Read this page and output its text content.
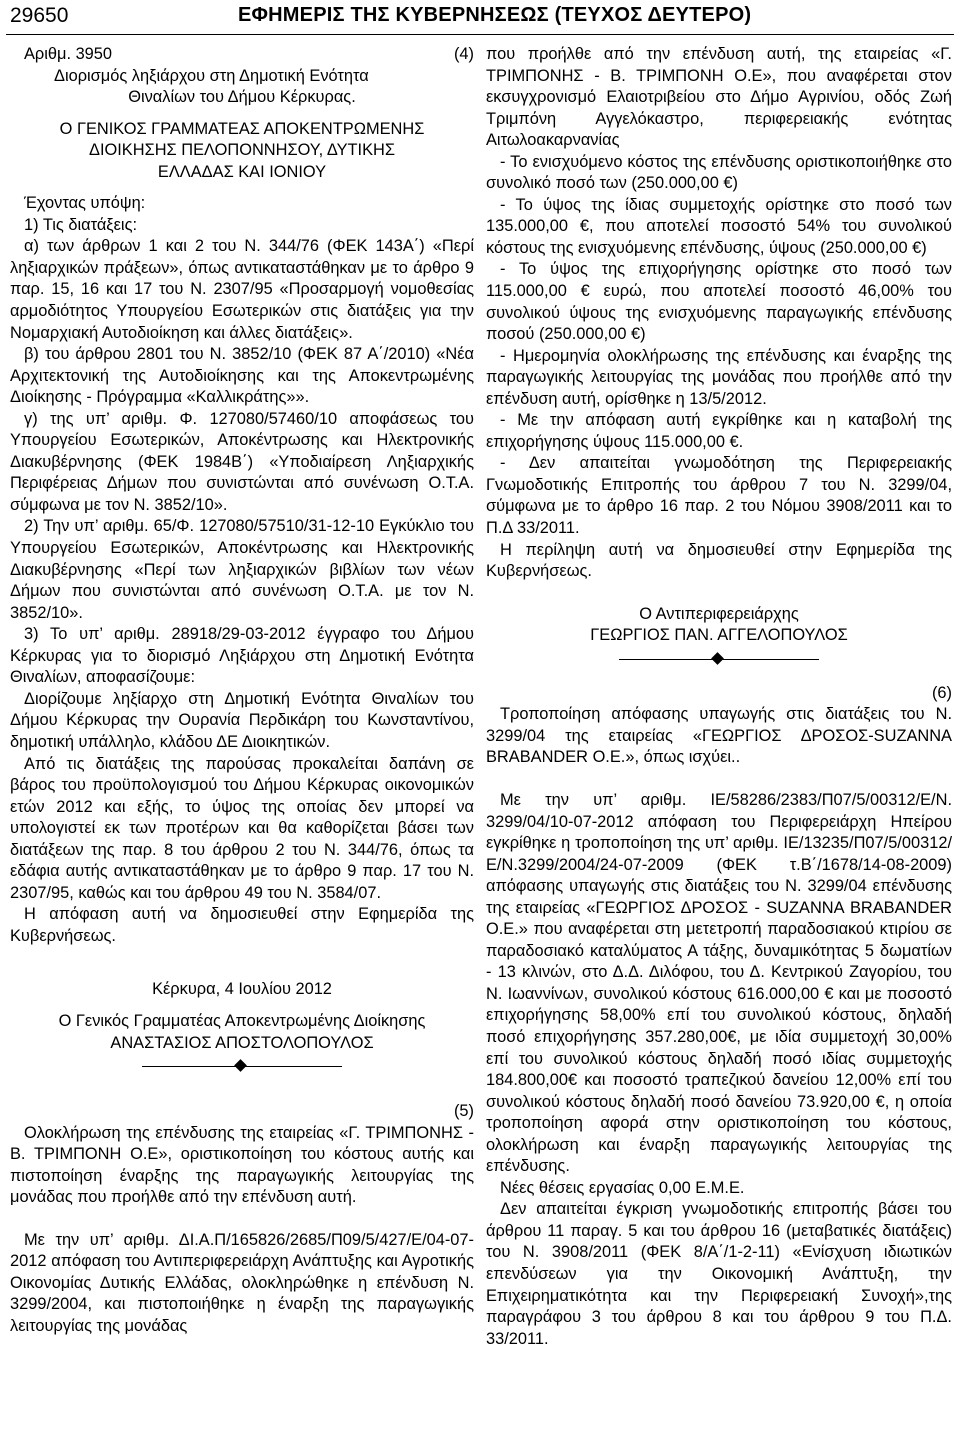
29650	ΕΦΗΜΕΡΙΣ ΤΗΣ ΚΥΒΕΡΝΗΣΕΩΣ (ΤΕΥΧΟΣ ΔΕΥΤΕΡΟ)

Αριθμ. 3950	(4)

Διορισμός ληξιάρχου στη Δημοτική Ενότητα

Θιναλίων του Δήμου Κέρκυρας.

Ο ΓΕΝΙΚΟΣ ΓΡΑΜΜΑΤΕΑΣ ΑΠΟΚΕΝΤΡΩΜΕΝΗΣ

ΔΙΟΙΚΗΣΗΣ ΠΕΛΟΠΟΝΝΗΣΟΥ, ΔΥΤΙΚΗΣ

ΕΛΛΑΔΑΣ ΚΑΙ ΙΟΝΙΟΥ

Έχοντας υπόψη:

1) Τις διατάξεις:

α) των άρθρων 1 και 2 του Ν. 344/76 (ΦΕΚ 143Α΄) «Περί ληξιαρχικών πράξεων», όπως αντικαταστάθηκαν με το άρθρο 9 παρ. 15, 16 και 17 του Ν. 2307/95 «Προσαρμογή νομοθεσίας αρμοδιότητος Υπουργείου Εσωτερικών στις διατάξεις για την Νομαρχιακή Αυτοδιοίκηση και άλλες διατάξεις».

β) του άρθρου 2801 του Ν. 3852/10 (ΦΕΚ 87 Α΄/2010) «Νέα Αρχιτεκτονική της Αυτοδιοίκησης και της Αποκεντρωμένης Διοίκησης - Πρόγραμμα «Καλλικράτης»».

γ) της υπ’ αριθμ. Φ. 127080/57460/10 αποφάσεως του Υπουργείου Εσωτερικών, Αποκέντρωσης και Ηλεκτρονικής Διακυβέρνησης (ΦΕΚ 1984Β΄) «Υποδιαίρεση Ληξιαρχικής Περιφέρειας Δήμων που συνιστώνται από συνένωση Ο.Τ.Α. σύμφωνα με τον Ν. 3852/10».

2) Την υπ’ αριθμ. 65/Φ. 127080/57510/31-12-10 Εγκύκλιο του Υπουργείου Εσωτερικών, Αποκέντρωσης και Ηλεκτρονικής Διακυβέρνησης «Περί των ληξιαρχικών βιβλίων των νέων Δήμων που συνιστώνται από συνένωση Ο.Τ.Α. με τον Ν. 3852/10».

3) Το υπ’ αριθμ. 28918/29-03-2012 έγγραφο του Δήμου Κέρκυρας για το διορισμό Ληξιάρχου στη Δημοτική Ενότητα Θιναλίων, αποφασίζουμε:

Διορίζουμε ληξίαρχο στη Δημοτική Ενότητα Θιναλίων του Δήμου Κέρκυρας την Ουρανία Περδικάρη του Κωνσταντίνου, δημοτική υπάλληλο, κλάδου ΔΕ Διοικητικών.

Από τις διατάξεις της παρούσας προκαλείται δαπάνη σε βάρος του προϋπολογισμού του Δήμου Κέρκυρας οικονομικών ετών 2012 και εξής, το ύψος της οποίας δεν μπορεί να υπολογιστεί εκ των προτέρων και θα καθορίζεται βάσει των διατάξεων της παρ. 8 του άρθρου 2 του Ν. 344/76, όπως τα εδάφια αυτής αντικαταστάθηκαν με το άρθρο 9 παρ. 17 του Ν. 2307/95, καθώς και του άρθρου 49 του Ν. 3584/07.

Η απόφαση αυτή να δημοσιευθεί στην Εφημερίδα της Κυβερνήσεως.

Κέρκυρα, 4 Ιουλίου 2012

Ο Γενικός Γραμματέας Αποκεντρωμένης Διοίκησης

ΑΝΑΣΤΑΣΙΟΣ ΑΠΟΣΤΟΛΟΠΟΥΛΟΣ

(5)

Ολοκλήρωση της επένδυσης της εταιρείας «Γ. ΤΡΙΜΠΟΝΗΣ - Β. ΤΡΙΜΠΟΝΗ Ο.Ε», οριστικοποίηση του κόστους αυτής και πιστοποίηση έναρξης της παραγωγικής λειτουργίας της μονάδας που προήλθε από την επένδυση αυτή.

Με την υπ’ αριθμ. ΔΙ.Α.Π/165826/2685/Π09/5/427/Ε/04-07-2012 απόφαση του Αντιπεριφερειάρχη Ανάπτυξης και Αγροτικής Οικονομίας Δυτικής Ελλάδας, ολοκληρώθηκε η επένδυση Ν. 3299/2004, και πιστοποιήθηκε η έναρξη της παραγωγικής λειτουργίας της μονάδας

που προήλθε από την επένδυση αυτή, της εταιρείας «Γ. ΤΡΙΜΠΟΝΗΣ - Β. ΤΡΙΜΠΟΝΗ Ο.Ε», που αναφέρεται στον εκσυγχρονισμό Ελαιοτριβείου στο Δήμο Αγρινίου, οδός Ζωή Τριμπόνη Αγγελόκαστρο, περιφερειακής ενότητας Αιτωλοακαρνανίας

- Το ενισχυόμενο κόστος της επένδυσης οριστικοποιήθηκε στο συνολικό ποσό των (250.000,00 €)

- Το ύψος της ίδιας συμμετοχής ορίστηκε στο ποσό των 135.000,00 €, που αποτελεί ποσοστό 54% του συνολικού κόστους της ενισχυόμενης επένδυσης, ύψους (250.000,00 €)

- Το ύψος της επιχορήγησης ορίστηκε στο ποσό των 115.000,00 € ευρώ, που αποτελεί ποσοστό 46,00% του συνολικού ύψους της ενισχυόμενης παραγωγικής επένδυσης ποσού (250.000,00 €)

- Ημερομηνία ολοκλήρωσης της επένδυσης και έναρξης της παραγωγικής λειτουργίας της μονάδας που προήλθε από την επένδυση αυτή, ορίσθηκε η 13/5/2012.

- Με την απόφαση αυτή εγκρίθηκε και η καταβολή της επιχορήγησης ύψους 115.000,00 €.

- Δεν απαιτείται γνωμοδότηση της Περιφερειακής Γνωμοδοτικής Επιτροπής του άρθρου 7 του Ν. 3299/04, σύμφωνα με το άρθρο 16 παρ. 2 του Νόμου 3908/2011 και το Π.Δ 33/2011.

Η περίληψη αυτή να δημοσιευθεί στην Εφημερίδα της Κυβερνήσεως.

Ο Αντιπεριφερειάρχης

ΓΕΩΡΓΙΟΣ ΠΑΝ. ΑΓΓΕΛΟΠΟΥΛΟΣ

(6)

Τροποποίηση απόφασης υπαγωγής στις διατάξεις του Ν. 3299/04 της εταιρείας «ΓΕΩΡΓΙΟΣ ΔΡΟΣΟΣ-SUZANNA BRABANDER Ο.Ε.», όπως ισχύει..

Με την υπ’ αριθμ. ΙΕ/58286/2383/Π07/5/00312/Ε/Ν. 3299/04/10-07-2012 απόφαση του Περιφερειάρχη Ηπείρου εγκρίθηκε η τροποποίηση της υπ’ αριθμ. ΙΕ/13235/Π07/5/00312/Ε/Ν.3299/2004/24-07-2009 (ΦΕΚ τ.Β΄/1678/14-08-2009) απόφασης υπαγωγής στις διατάξεις του Ν. 3299/04 επένδυσης της εταιρείας «ΓΕΩΡΓΙΟΣ ΔΡΟΣΟΣ - SUZANNA BRABANDER Ο.Ε.» που αναφέρεται στη μετετροπή παραδοσιακού κτιρίου σε παραδοσιακό καταλύματος Α τάξης, δυναμικότητας 5 δωματίων - 13 κλινών, στο Δ.Δ. Διλόφου, του Δ. Κεντρικού Ζαγορίου, του Ν. Ιωαννίνων, συνολικού κόστους 616.000,00 € και με ποσοστό επιχορήγησης 58,00% επί του συνολικού κόστους, δηλαδή ποσό επιχορήγησης 357.280,00€, με ιδία συμμετοχή 30,00% επί του συνολικού κόστους δηλαδή ποσό ιδίας συμμετοχής 184.800,00€ και ποσοστό τραπεζικού δανείου 12,00% επί του συνολικού κόστους δηλαδή ποσό δανείου 73.920,00 €, η οποία τροποποίηση αφορά στην οριστικοποίηση του κόστους, ολοκλήρωση και έναρξη παραγωγικής λειτουργίας της επένδυσης.

Νέες θέσεις εργασίας 0,00 Ε.Μ.Ε.

Δεν απαιτείται έγκριση γνωμοδοτικής επιτροπής βάσει του άρθρου 11 παραγ. 5 και του άρθρου 16 (μεταβατικές διατάξεις) του Ν. 3908/2011 (ΦΕΚ 8/Α΄/1-2-11) «Ενίσχυση ιδιωτικών επενδύσεων για την Οικονομική Ανάπτυξη, την Επιχειρηματικότητα και την Περιφερειακή Συνοχή»,της παραγράφου 3 του άρθρου 8 και του άρθρου 9 του Π.Δ. 33/2011.
